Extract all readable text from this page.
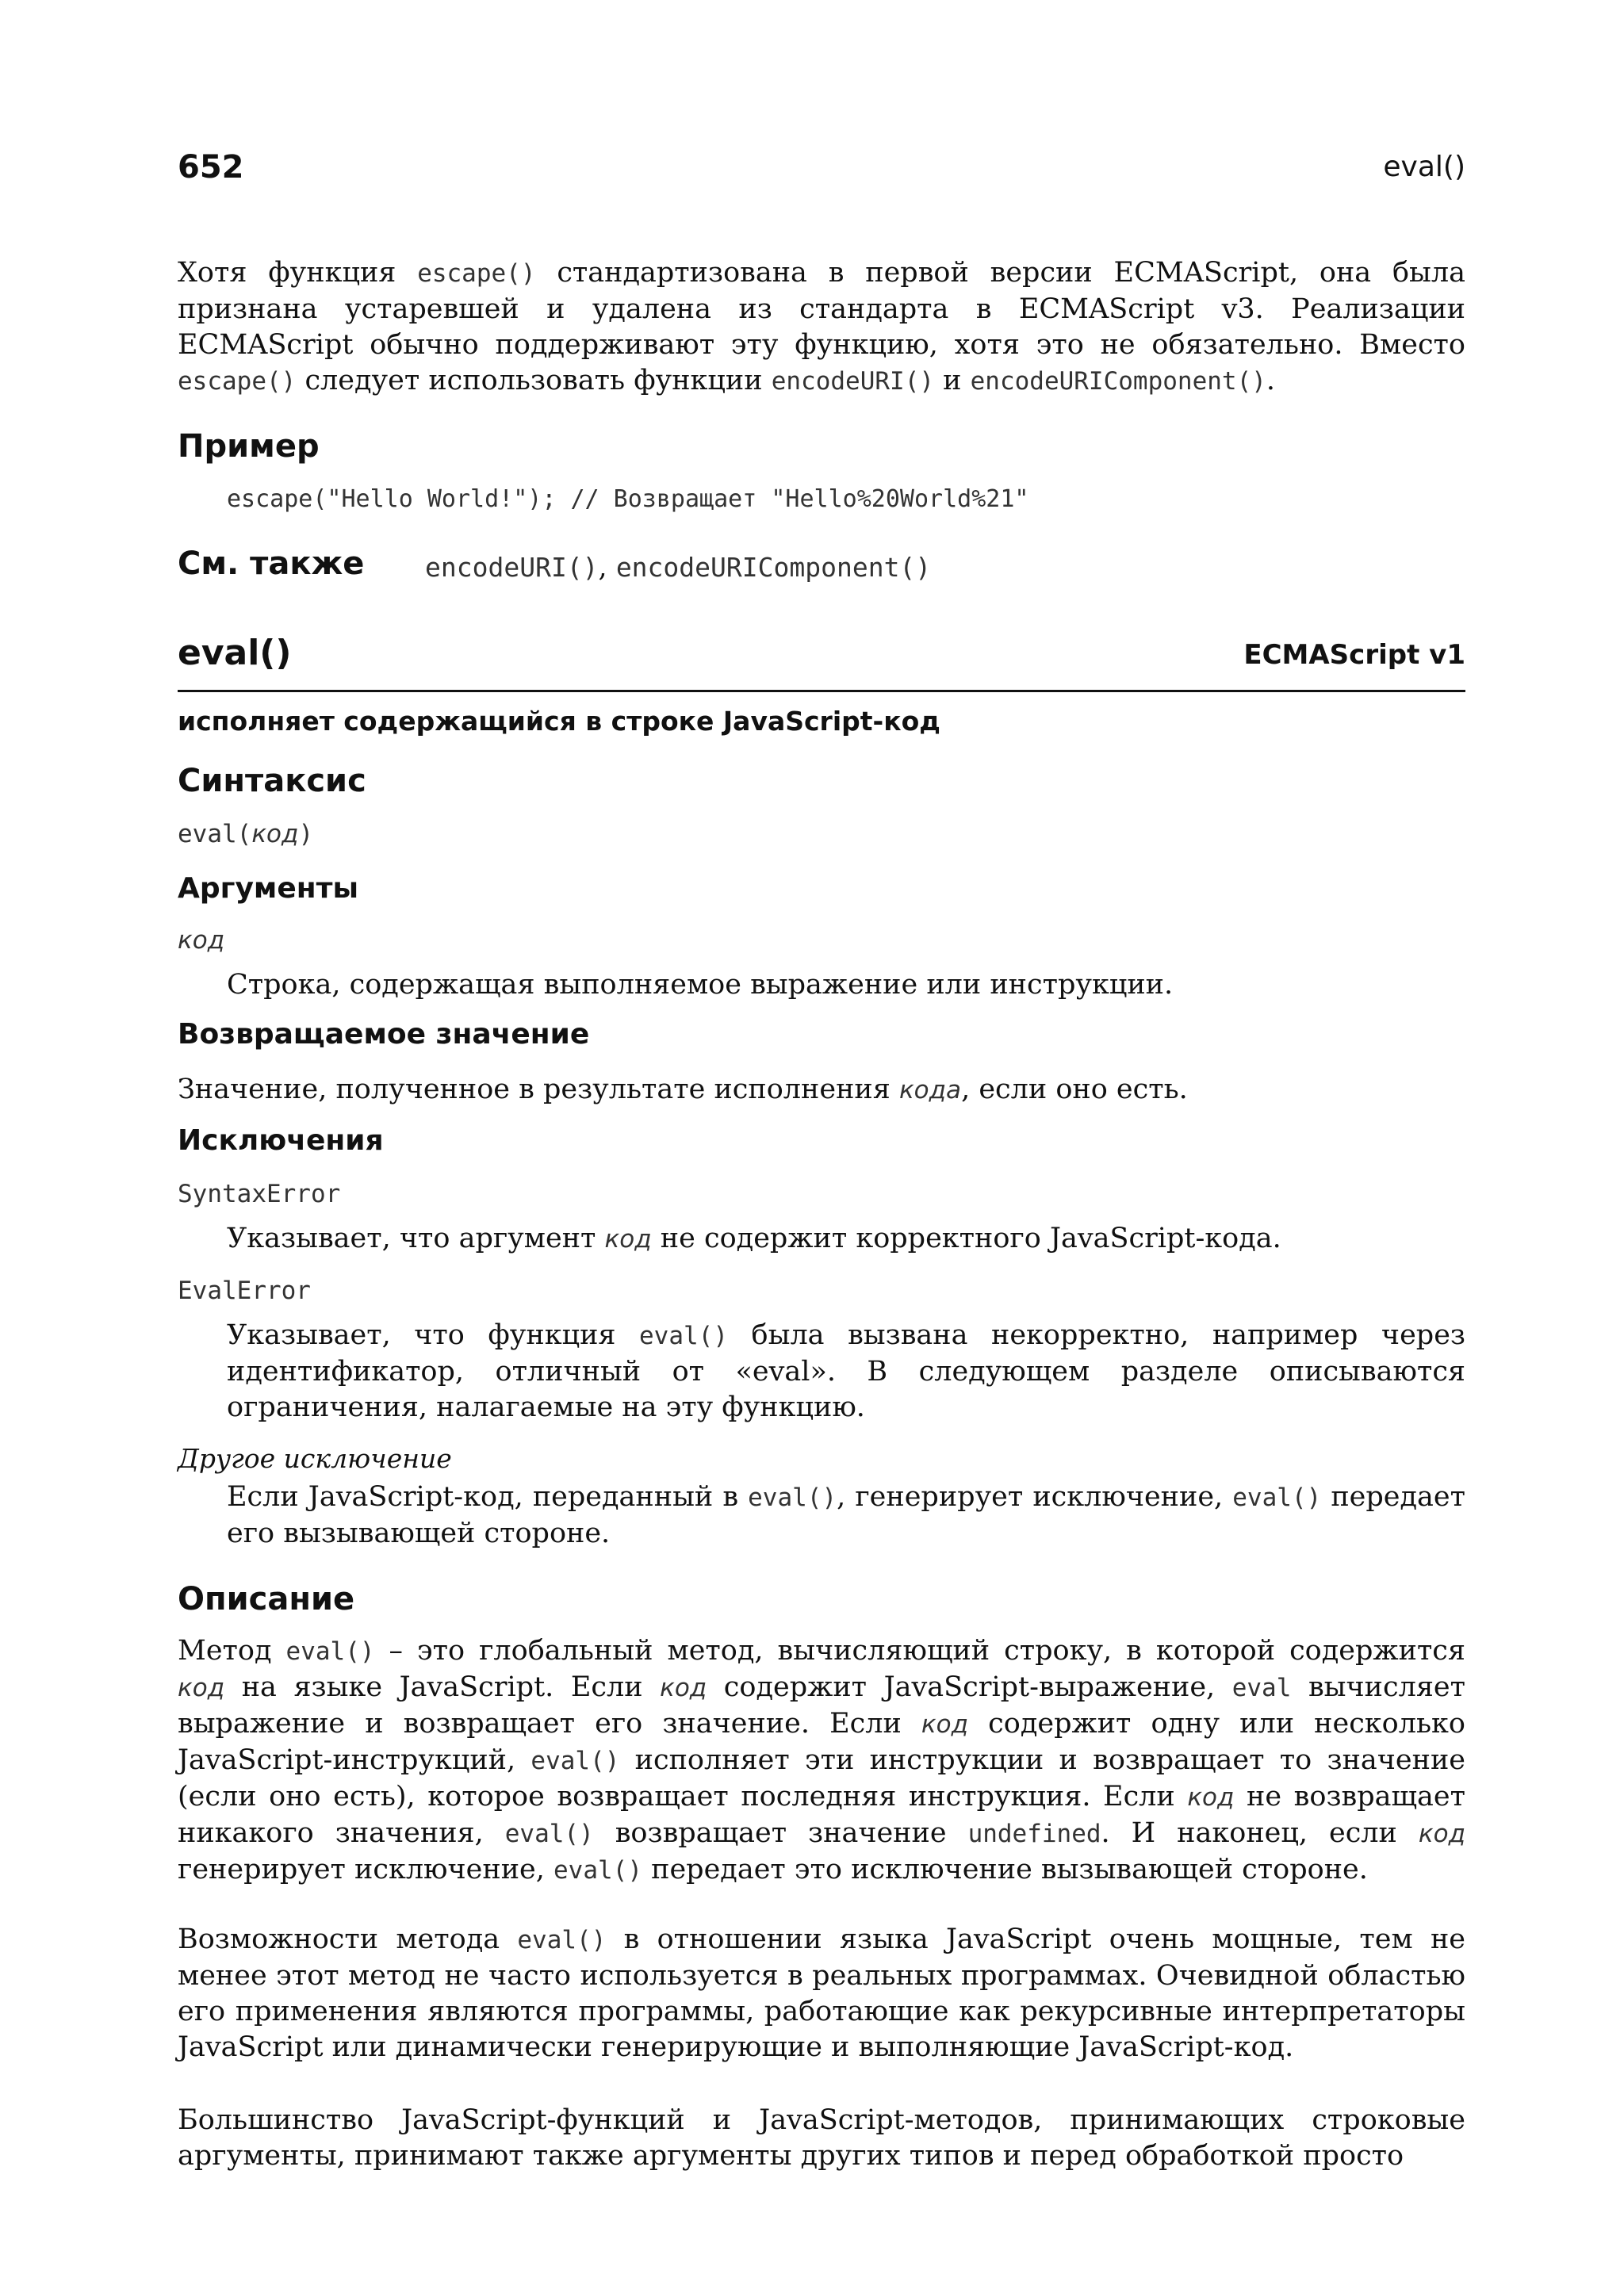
652	eval()

Хотя функция escape() стандартизована в первой версии ECMAScript, она была признана устаревшей и удалена из стандарта в ECMAScript v3. Реализации ECMAScript обычно поддерживают эту функцию, хотя это не обязательно. Вместо escape() следует использовать функции encodeURI() и encodeURIComponent().

Пример
escape("Hello World!"); // Возвращает "Hello%20World%21"
См. также encodeURI(), encodeURIComponent()
eval()	ECMAScript v1
исполняет содержащийся в строке JavaScript-код
Синтаксис
eval(код)
Аргументы
код
Строка, содержащая выполняемое выражение или инструкции.
Возвращаемое значение
Значение, полученное в результате исполнения кода, если оно есть.
Исключения
SyntaxError
Указывает, что аргумент код не содержит корректного JavaScript-кода.
EvalError

Указывает, что функция eval() была вызвана некорректно, например через идентификатор, отличный от «eval». В следующем разделе описываются ограничения, налагаемые на эту функцию.

Другое исключение

Если JavaScript-код, переданный в eval(), генерирует исключение, eval() передает его вызывающей стороне.

Описание

Метод eval() – это глобальный метод, вычисляющий строку, в которой содержится код на языке JavaScript. Если код содержит JavaScript-выражение, eval вычисляет выражение и возвращает его значение. Если код содержит одну или несколько JavaScript-инструкций, eval() исполняет эти инструкции и возвращает то значение (если оно есть), которое возвращает последняя инструкция. Если код не возвращает никакого значения, eval() возвращает значение undefined. И наконец, если код генерирует исключение, eval() передает это исключение вызывающей стороне.

Возможности метода eval() в отношении языка JavaScript очень мощные, тем не менее этот метод не часто используется в реальных программах. Очевидной областью его применения являются программы, работающие как рекурсивные интерпретаторы JavaScript или динамически генерирующие и выполняющие JavaScript-код.

Большинство JavaScript-функций и JavaScript-методов, принимающих строковые аргументы, принимают также аргументы других типов и перед обработкой просто
